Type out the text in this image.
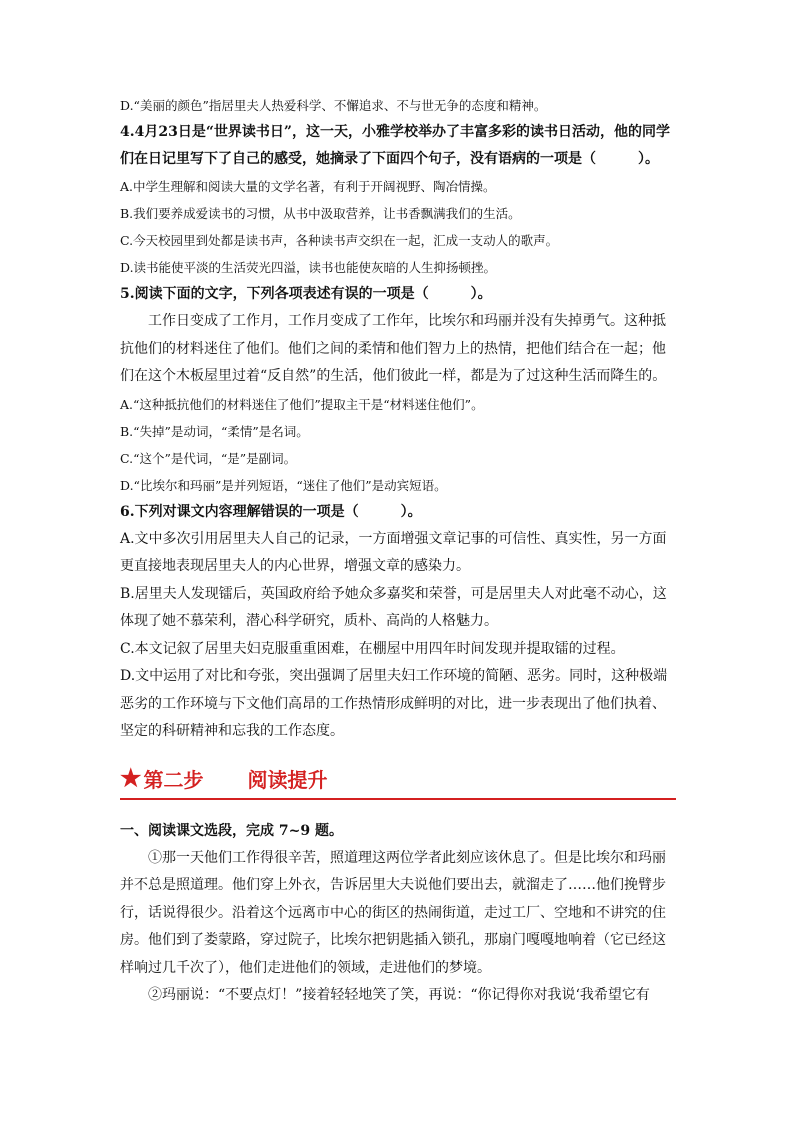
D.“美丽的颜色”指居里夫人热爱科学、不懈追求、不与世无争的态度和精神。
4.4月23日是“世界读书日”，这一天，小雅学校举办了丰富多彩的读书日活动，他的同学
们在日记里写下了自己的感受，她摘录了下面四个句子，没有语病的一项是（　　　）。
A.中学生理解和阅读大量的文学名著，有利于开阔视野、陶冶情操。
B.我们要养成爱读书的习惯，从书中汲取营养，让书香飘满我们的生活。
C.今天校园里到处都是读书声，各种读书声交织在一起，汇成一支动人的歌声。
D.读书能使平淡的生活荧光四溢，读书也能使灰暗的人生抑扬顿挫。
5.阅读下面的文字，下列各项表述有误的一项是（　　　）。
工作日变成了工作月，工作月变成了工作年，比埃尔和玛丽并没有失掉勇气。这种抵抗他们的材料迷住了他们。他们之间的柔情和他们智力上的热情，把他们结合在一起；他们在这个木板屋里过着“反自然”的生活，他们彼此一样，都是为了过这种生活而降生的。
A.“这种抵抗他们的材料迷住了他们”提取主干是“材料迷住他们”。
B.“失掉”是动词，“柔情”是名词。
C.“这个”是代词，“是”是副词。
D.“比埃尔和玛丽”是并列短语，“迷住了他们”是动宾短语。
6.下列对课文内容理解错误的一项是（　　　）。
A.文中多次引用居里夫人自己的记录，一方面增强文章记事的可信性、真实性，另一方面更直接地表现居里夫人的内心世界，增强文章的感染力。
B.居里夫人发现镭后，英国政府给予她众多嘉奖和荣誉，可是居里夫人对此毫不动心，这体现了她不慕荣利，潜心科学研究，质朴、高尚的人格魅力。
C.本文记叙了居里夫妇克服重重困难，在棚屋中用四年时间发现并提取镭的过程。
D.文中运用了对比和夸张，突出强调了居里夫妇工作环境的简陋、恶劣。同时，这种极端恶劣的工作环境与下文他们高昂的工作热情形成鲜明的对比，进一步表现出了他们执着、坚定的科研精神和忘我的工作态度。
★ 第二步 阅读提升
一、阅读课文选段，完成 7~9 题。
①那一天他们工作得很辛苦，照道理这两位学者此刻应该休息了。但是比埃尔和玛丽并不总是照道理。他们穿上外衣，告诉居里大夫说他们要出去，就溜走了……他们挽臂步行，话说得很少。沿着这个远离市中心的街区的热闹街道，走过工厂、空地和不讲究的住房。他们到了娄蒙路，穿过院子，比埃尔把钥匙插入锁孔，那扇门嘎嘎地响着（它已经这样响过几千次了），他们走进他们的领域，走进他们的梦境。
②玛丽说：“不要点灯！”接着轻轻地笑了笑，再说：“你记得你对我说‘我希望它有
